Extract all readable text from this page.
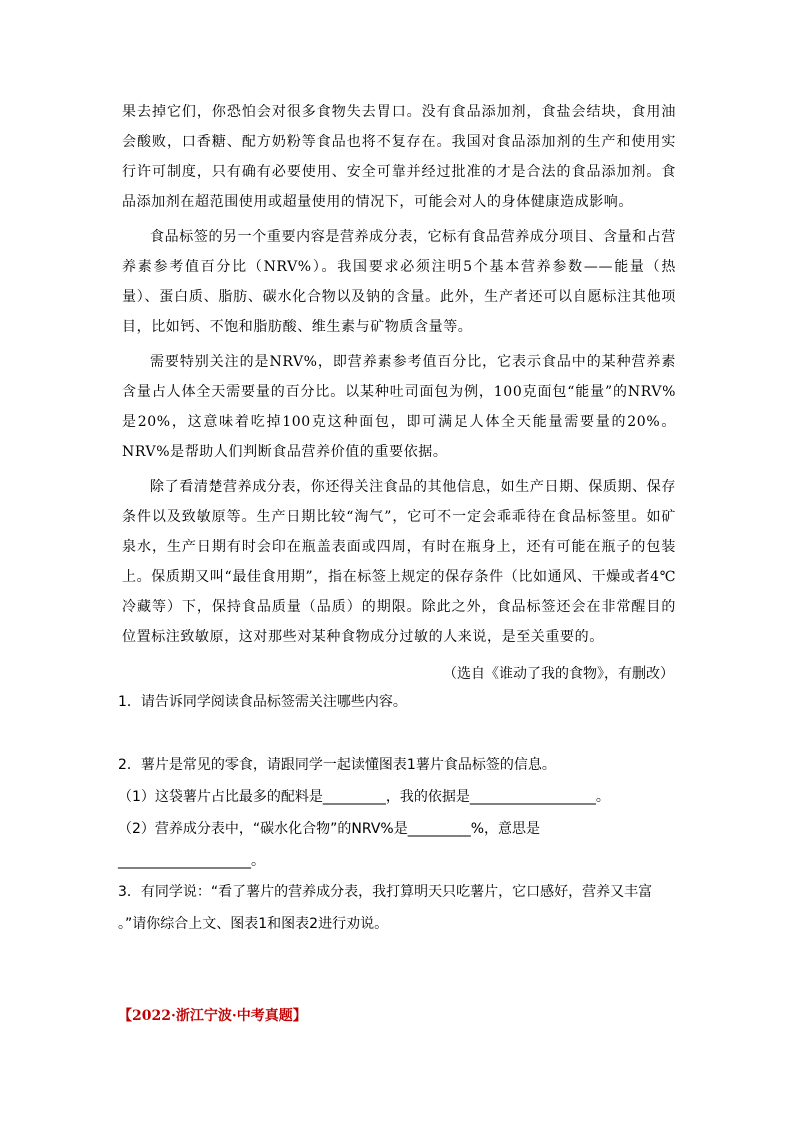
果去掉它们，你恐怕会对很多食物失去胃口。没有食品添加剂，食盐会结块，食用油会酸败，口香糖、配方奶粉等食品也将不复存在。我国对食品添加剂的生产和使用实行许可制度，只有确有必要使用、安全可靠并经过批准的才是合法的食品添加剂。食品添加剂在超范围使用或超量使用的情况下，可能会对人的身体健康造成影响。

食品标签的另一个重要内容是营养成分表，它标有食品营养成分项目、含量和占营养素参考值百分比（NRV%）。我国要求必须注明5个基本营养参数——能量（热量）、蛋白质、脂肪、碳水化合物以及钠的含量。此外，生产者还可以自愿标注其他项目，比如钙、不饱和脂肪酸、维生素与矿物质含量等。

需要特别关注的是NRV%，即营养素参考值百分比，它表示食品中的某种营养素含量占人体全天需要量的百分比。以某种吐司面包为例，100克面包“能量”的NRV%是20%，这意味着吃掉100克这种面包，即可满足人体全天能量需要量的20%。NRV%是帮助人们判断食品营养价值的重要依据。

除了看清楚营养成分表，你还得关注食品的其他信息，如生产日期、保质期、保存条件以及致敏原等。生产日期比较“淘气”，它可不一定会乖乖待在食品标签里。如矿泉水，生产日期有时会印在瓶盖表面或四周，有时在瓶身上，还有可能在瓶子的包装上。保质期又叫“最佳食用期”，指在标签上规定的保存条件（比如通风、干燥或者4℃冷藏等）下，保持食品质量（品质）的期限。除此之外，食品标签还会在非常醒目的位置标注致敏原，这对那些对某种食物成分过敏的人来说，是至关重要的。

（选自《谁动了我的食物》，有删改）

1．请告诉同学阅读食品标签需关注哪些内容。

2．薯片是常见的零食，请跟同学一起读懂图表1薯片食品标签的信息。

（1）这袋薯片占比最多的配料是_________，我的依据是__________________。

（2）营养成分表中，“碳水化合物”的NRV%是_________%，意思是

___________________。

3．有同学说：“看了薯片的营养成分表，我打算明天只吃薯片，它口感好，营养又丰富

。”请你综合上文、图表1和图表2进行劝说。

【2022·浙江宁波·中考真题】
